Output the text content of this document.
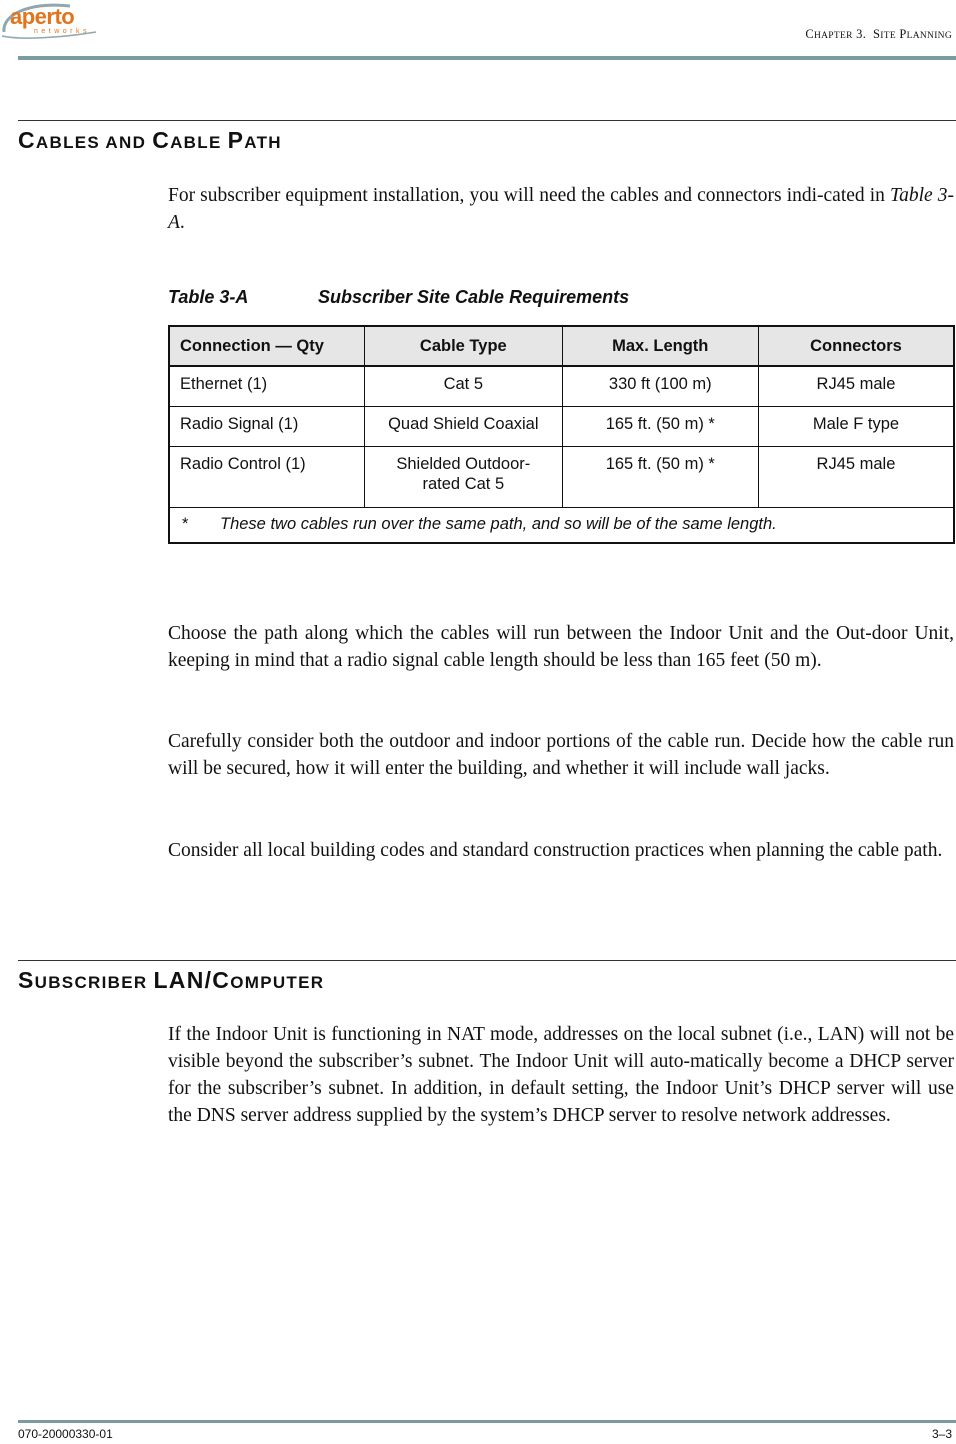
aperto
networks	CHAPTER 3. SITE PLANNING
CABLES AND CABLE PATH

For subscriber equipment installation, you will need the cables and connectors indi-cated in Table 3-A.

Table 3-A	Subscriber Site Cable Requirements
Connection — Qty	Cable Type	Max. Length	Connectors
Ethernet (1)	Cat 5	330 ft (100 m)	RJ45 male
Radio Signal (1)	Quad Shield Coaxial	165 ft. (50 m) *	Male F type
Radio Control (1)	Shielded Outdoor-rated Cat 5	165 ft. (50 m) *	RJ45 male
* These two cables run over the same path, and so will be of the same length.			

Choose the path along which the cables will run between the Indoor Unit and the Out-door Unit, keeping in mind that a radio signal cable length should be less than 165 feet (50 m).

Carefully consider both the outdoor and indoor portions of the cable run. Decide how the cable run will be secured, how it will enter the building, and whether it will include wall jacks.

Consider all local building codes and standard construction practices when planning the cable path.

SUBSCRIBER LAN/COMPUTER

If the Indoor Unit is functioning in NAT mode, addresses on the local subnet (i.e., LAN) will not be visible beyond the subscriber’s subnet. The Indoor Unit will auto-matically become a DHCP server for the subscriber’s subnet. In addition, in default setting, the Indoor Unit’s DHCP server will use the DNS server address supplied by the system’s DHCP server to resolve network addresses.

070-20000330-01	3–3
